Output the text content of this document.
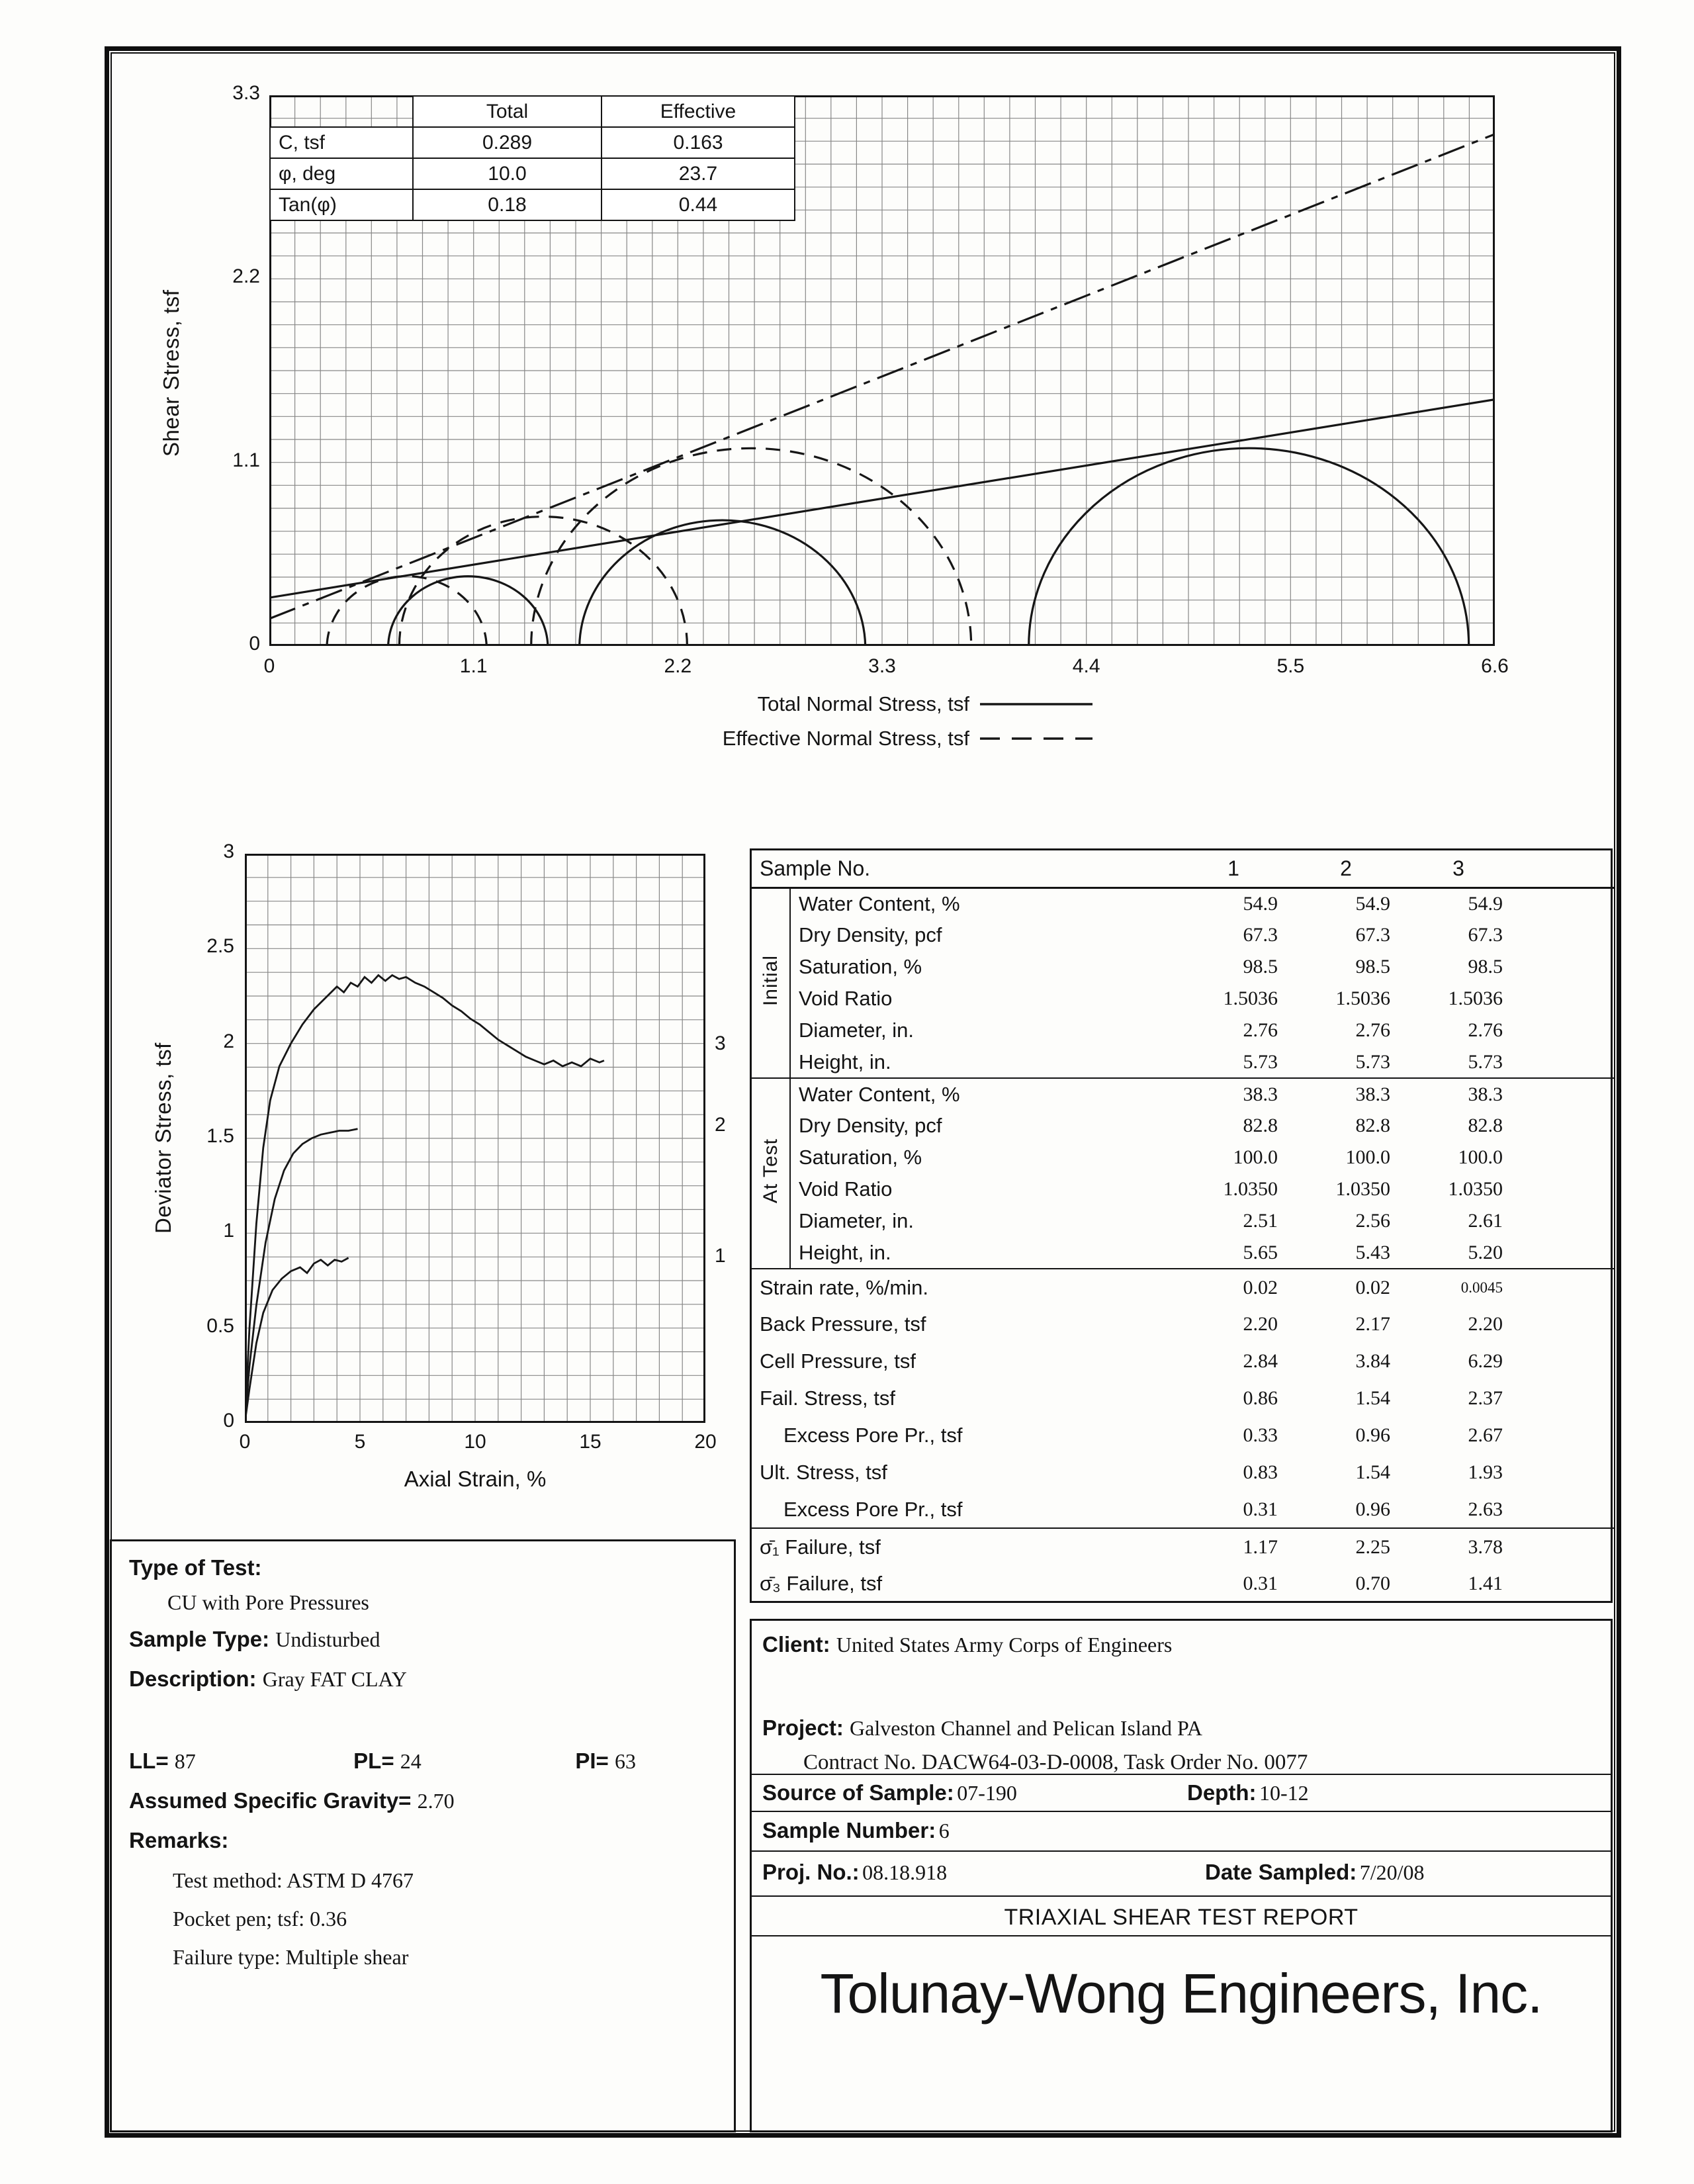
Shear Stress, tsf
	Total	Effective
C, tsf	0.289	0.163
φ, deg	10.0	23.7
Tan(φ)	0.18	0.44
Total Normal Stress, tsf
Effective Normal Stress, tsf
Deviator Stress, tsf
Axial Strain, %
Sample No.		1	2	3	
Initial	Water Content, %	54.9	54.9	54.9	
	Dry Density, pcf	67.3	67.3	67.3	
	Saturation, %	98.5	98.5	98.5	
	Void Ratio	1.5036	1.5036	1.5036	
	Diameter, in.	2.76	2.76	2.76	
	Height, in.	5.73	5.73	5.73	
At Test	Water Content, %	38.3	38.3	38.3	
	Dry Density, pcf	82.8	82.8	82.8	
	Saturation, %	100.0	100.0	100.0	
	Void Ratio	1.0350	1.0350	1.0350	
	Diameter, in.	2.51	2.56	2.61	
	Height, in.	5.65	5.43	5.20	
Strain rate, %/min.		0.02	0.02	0.0045	
Back Pressure, tsf		2.20	2.17	2.20	
Cell Pressure, tsf		2.84	3.84	6.29	
Fail. Stress, tsf		0.86	1.54	2.37	
Excess Pore Pr., tsf		0.33	0.96	2.67	
Ult. Stress, tsf		0.83	1.54	1.93	
Excess Pore Pr., tsf		0.31	0.96	2.63	
σ̄₁ Failure, tsf		1.17	2.25	3.78	
σ̄₃ Failure, tsf		0.31	0.70	1.41	
Type of Test:
CU with Pore Pressures
Sample Type: Undisturbed
Description: Gray FAT CLAY
LL= 87	PL= 24	PI= 63
Assumed Specific Gravity= 2.70
Remarks:
Test method: ASTM D 4767
Pocket pen; tsf: 0.36
Failure type: Multiple shear
Client: United States Army Corps of Engineers
Project: Galveston Channel and Pelican Island PA
Contract No. DACW64-03-D-0008, Task Order No. 0077
Source of Sample: 07-190	Depth: 10-12
Sample Number: 6
Proj. No.: 08.18.918	Date Sampled: 7/20/08
TRIAXIAL SHEAR TEST REPORT
Tolunay-Wong Engineers, Inc.
0	1.1	2.2	3.3	4.4	5.5	6.6
0
1.1
2.2
3.3
0	5	10	15	20
0
0.5
1
1.5
2
2.5
3
1
2
3
